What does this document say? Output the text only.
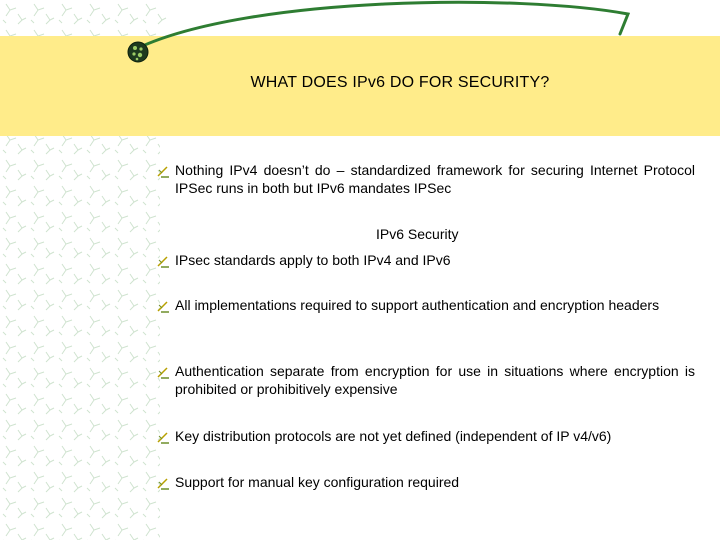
WHAT DOES IPv6 DO FOR SECURITY?
Nothing IPv4 doesn’t do – standardized framework for securing Internet Protocol IPSec runs in both but IPv6 mandates IPSec
IPv6 Security
IPsec standards apply to both IPv4 and IPv6
All implementations required to support authentication and encryption headers
Authentication separate from encryption for use in situations where encryption is prohibited or prohibitively expensive
Key distribution protocols are not yet defined (independent of IP v4/v6)
Support for manual key configuration required
